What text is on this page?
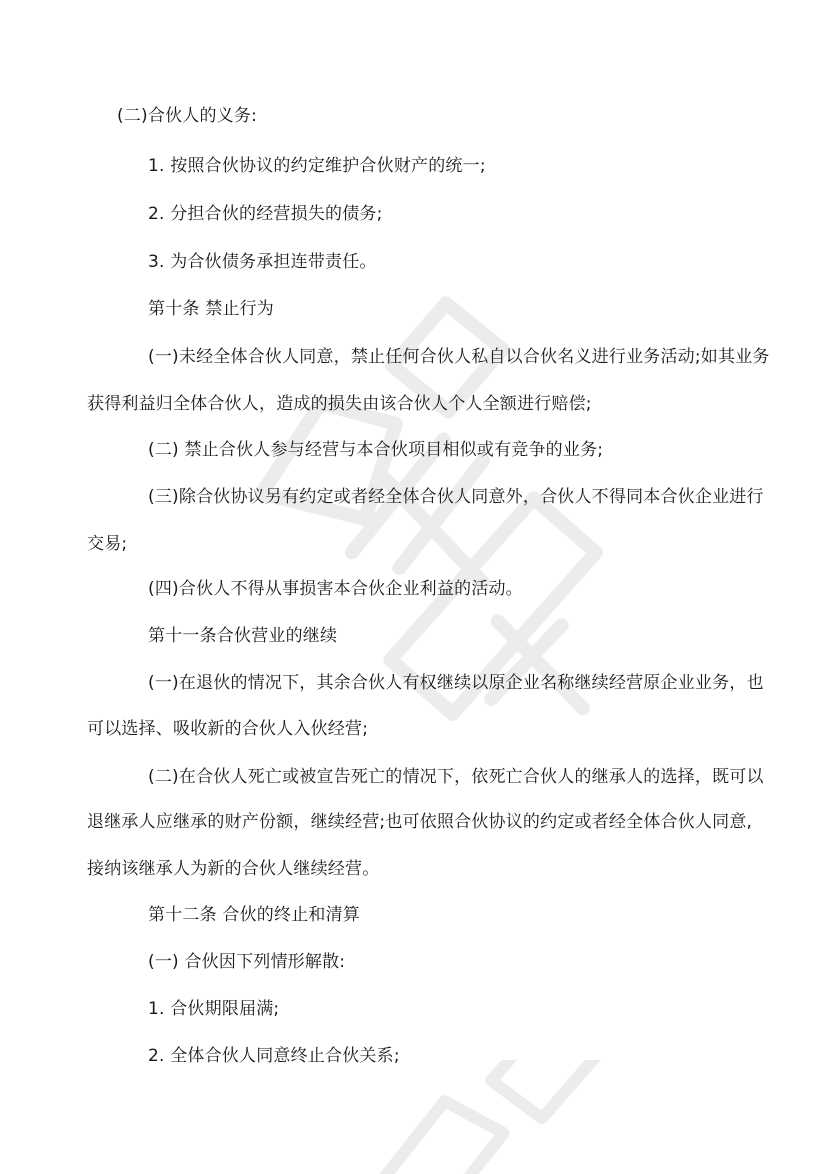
(二)合伙人的义务:

1. 按照合伙协议的约定维护合伙财产的统一;

2. 分担合伙的经营损失的债务;

3. 为合伙债务承担连带责任。

第十条 禁止行为

(一)未经全体合伙人同意，禁止任何合伙人私自以合伙名义进行业务活动;如其业务

获得利益归全体合伙人，造成的损失由该合伙人个人全额进行赔偿;

(二) 禁止合伙人参与经营与本合伙项目相似或有竞争的业务;

(三)除合伙协议另有约定或者经全体合伙人同意外，合伙人不得同本合伙企业进行

交易;

(四)合伙人不得从事损害本合伙企业利益的活动。

第十一条合伙营业的继续

(一)在退伙的情况下，其余合伙人有权继续以原企业名称继续经营原企业业务，也

可以选择、吸收新的合伙人入伙经营;

(二)在合伙人死亡或被宣告死亡的情况下，依死亡合伙人的继承人的选择，既可以

退继承人应继承的财产份额，继续经营;也可依照合伙协议的约定或者经全体合伙人同意,

接纳该继承人为新的合伙人继续经营。

第十二条 合伙的终止和清算

(一) 合伙因下列情形解散:

1. 合伙期限届满;

2. 全体合伙人同意终止合伙关系;
